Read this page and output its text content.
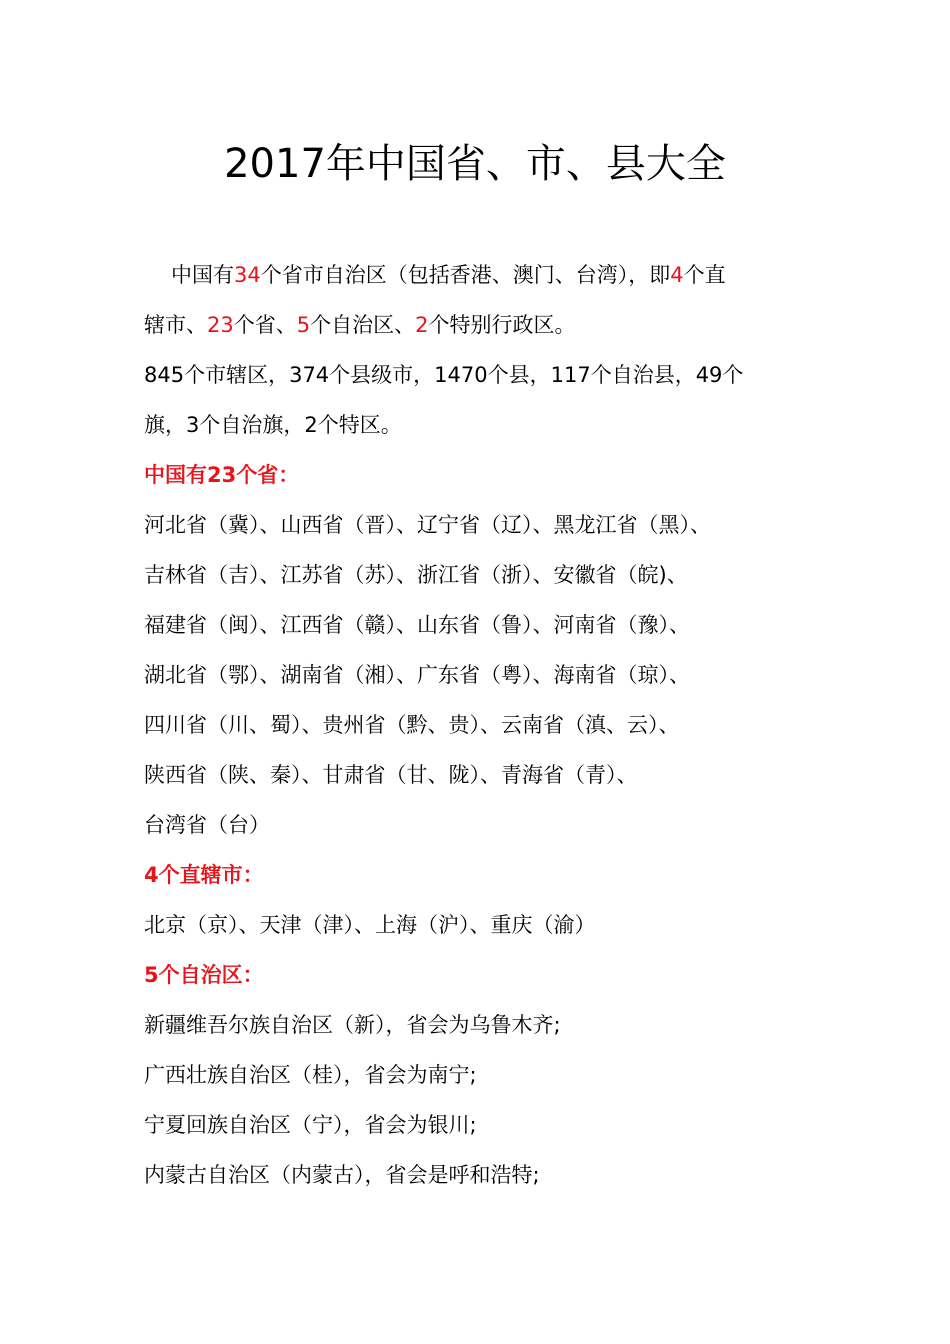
2017年中国省、市、县大全
中国有34个省市自治区（包括香港、澳门、台湾），即4个直
辖市、23个省、5个自治区、2个特别行政区。
845个市辖区，374个县级市，1470个县，117个自治县，49个
旗，3个自治旗，2个特区。
中国有23个省：
河北省（冀）、山西省（晋）、辽宁省（辽）、黑龙江省（黑）、
吉林省（吉）、江苏省（苏）、浙江省（浙）、安徽省（皖)、
福建省（闽）、江西省（赣）、山东省（鲁）、河南省（豫）、
湖北省（鄂）、湖南省（湘）、广东省（粤）、海南省（琼）、
四川省（川、蜀）、贵州省（黔、贵）、云南省（滇、云）、
陕西省（陕、秦）、甘肃省（甘、陇）、青海省（青）、
台湾省（台）
4个直辖市：
北京（京）、天津（津）、上海（沪）、重庆（渝）
5个自治区：
新疆维吾尔族自治区（新），省会为乌鲁木齐;
广西壮族自治区（桂），省会为南宁;
宁夏回族自治区（宁），省会为银川;
内蒙古自治区（内蒙古），省会是呼和浩特;
